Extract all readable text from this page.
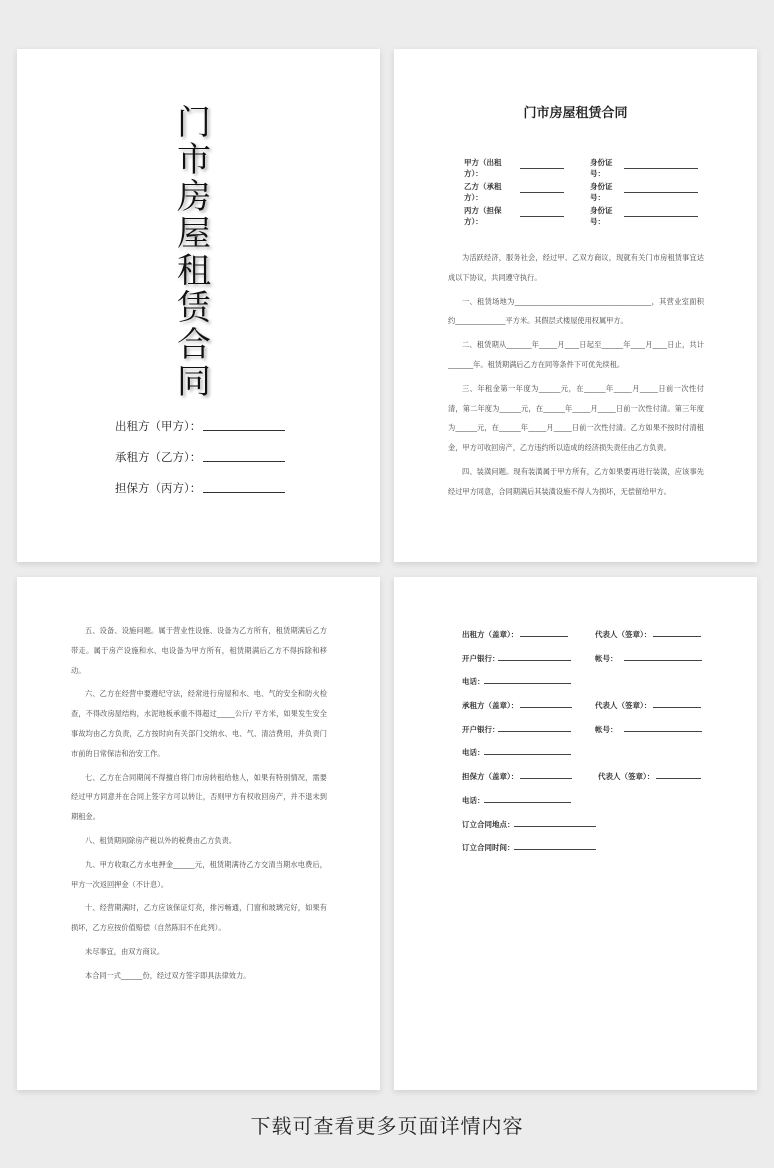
门
市
房
屋
租
赁
合
同
出租方（甲方）：
承租方（乙方）：
担保方（丙方）：
门市房屋租赁合同
甲方（出租方）：
身份证号：
乙方（承租方）：
身份证号：
丙方（担保方）：
身份证号：

为活跃经济，服务社会，经过甲、乙双方商议，现就有关门市房租赁事宜达成以下协议，共同遵守执行。

一、租赁场地为______________________________________，其营业室面积约______________平方米。其假层式楼屋使用权属甲方。

二、租赁期从_______年_____月____日起至______年____月____日止，共计_______年。租赁期满后乙方在同等条件下可优先续租。

三、年租金第一年度为______元，在______年_____月_____日前一次性付清，第二年度为______元，在______年_____月_____日前一次性付清。第三年度为______元，在______年_____月_____日前一次性付清。乙方如果不按时付清租金，甲方可收回房产，乙方违约所以造成的经济损失责任由乙方负责。

四、装潢问题。现有装潢属于甲方所有，乙方如果要再进行装潢，应该事先经过甲方同意，合同期满后其装潢设施不得人为损坏，无偿留给甲方。

五、设备、设施问题。属于营业性设施、设备为乙方所有，租赁期满后乙方带走。属于房产设施和水、电设备为甲方所有，租赁期满后乙方不得拆除和移动。

六、乙方在经营中要遵纪守法，经常进行房屋和水、电、气的安全和防火检查，不得改房屋结构，水泥地板承重不得超过_____公斤/ 平方米，如果发生安全事故均由乙方负责，乙方按时向有关部门交纳水、电、气、清洁费用，并负责门市前的日常保洁和治安工作。

七、乙方在合同期间不得擅自将门市房转租给他人，如果有特别情况，需要经过甲方同意并在合同上签字方可以转让，否则甲方有权收回房产，并不退未到期租金。

八、租赁期间除房产税以外的税费由乙方负责。

九、甲方收取乙方水电押金______元，租赁期满待乙方交清当期水电费后，甲方一次返回押金（不计息）。

十、经营期满时，乙方应该保证灯亮，排污畅通，门窗和玻璃完好，如果有损坏，乙方应按价值赔偿（自然陈旧不在此列）。

未尽事宜，由双方商议。

本合同一式______份，经过双方签字即具法律效力。

出租方（盖章）：	代表人（签章）：
开户银行：	帐号：
电话：
承租方（盖章）：	代表人（签章）：
开户银行：	帐号：
电话：
担保方（盖章）：	代表人（签章）：
电话：
订立合同地点：
订立合同时间：
下载可查看更多页面详情内容
